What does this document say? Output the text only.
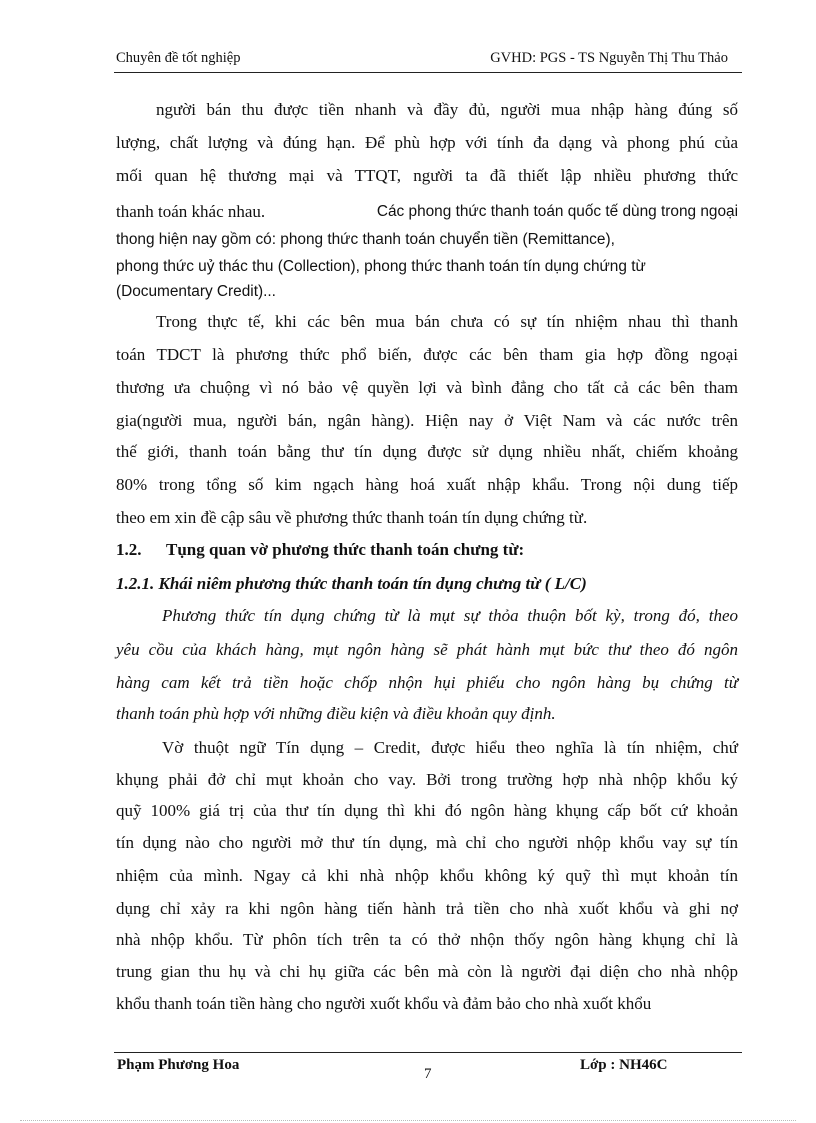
Chuyên đề tốt nghiệp	GVHD: PGS - TS Nguyễn Thị Thu Thảo
người bán thu được tiền nhanh và đầy đủ, người mua nhập hàng đúng số
lượng, chất lượng và đúng hạn. Để phù hợp với tính đa dạng và phong phú của
mối quan hệ thương mại và TTQT, người ta đã thiết lập nhiều phương thức
thanh toán khác nhau.	Các phong thức thanh toán quốc tế dùng trong ngoại
thong hiện nay gồm có: phong thức thanh toán chuyển tiền (Remittance),
phong thức uỷ thác thu (Collection), phong thức thanh toán tín dụng chứng từ
(Documentary Credit)...
Trong thực tế, khi các bên mua bán chưa có sự tín nhiệm nhau thì thanh
toán TDCT là phương thức phổ biến, được các bên tham gia hợp đồng ngoại
thương ưa chuộng vì nó bảo vệ quyền lợi và bình đẳng cho tất cả các bên tham
gia(người mua, người bán, ngân hàng). Hiện nay ở Việt Nam và các nước trên
thế giới, thanh toán bằng thư tín dụng được sử dụng nhiều nhất, chiếm khoảng
80% trong tổng số kim ngạch hàng hoá xuất nhập khẩu. Trong nội dung tiếp
theo em xin đề cập sâu về phương thức thanh toán tín dụng chứng từ.
1.2.	Tụng quan vờ phương thức thanh toán chưng từ:
1.2.1. Khái niêm phương thức thanh toán tín dụng chưng từ ( L/C)
Phương thức tín dụng chứng từ là mụt sự thỏa thuộn bốt kỳ, trong đó, theo
yêu cồu của khách hàng, mụt ngôn hàng sẽ phát hành mụt bức thư theo đó ngôn
hàng cam kết trả tiền hoặc chốp nhộn hụi phiếu cho ngôn hàng bụ chứng từ
thanh toán phù hợp với những điều kiện và điều khoản quy định.
Vờ thuột ngữ Tín dụng – Credit, được hiểu theo nghĩa là tín nhiệm, chứ
khụng phải đở chỉ mụt khoản cho vay. Bởi trong trường hợp nhà nhộp khổu ký
quỹ 100% giá trị của thư tín dụng thì khi đó ngôn hàng khụng cấp bốt cứ khoản
tín dụng nào cho người mở thư tín dụng, mà chỉ cho người nhộp khổu vay sự tín
nhiệm của mình. Ngay cả khi nhà nhộp khổu không ký quỹ thì mụt khoản tín
dụng chỉ xảy ra khi ngôn hàng tiến hành trả tiền cho nhà xuốt khổu và ghi nợ
nhà nhộp khổu. Từ phôn tích trên ta có thở nhộn thốy ngôn hàng khụng chỉ là
trung gian thu hụ và chi hụ giữa các bên mà còn là người đại diện cho nhà nhộp
khổu thanh toán tiền hàng cho người xuốt khổu và đảm bảo cho nhà xuốt khổu
Phạm Phương Hoa
7
Lớp : NH46C
